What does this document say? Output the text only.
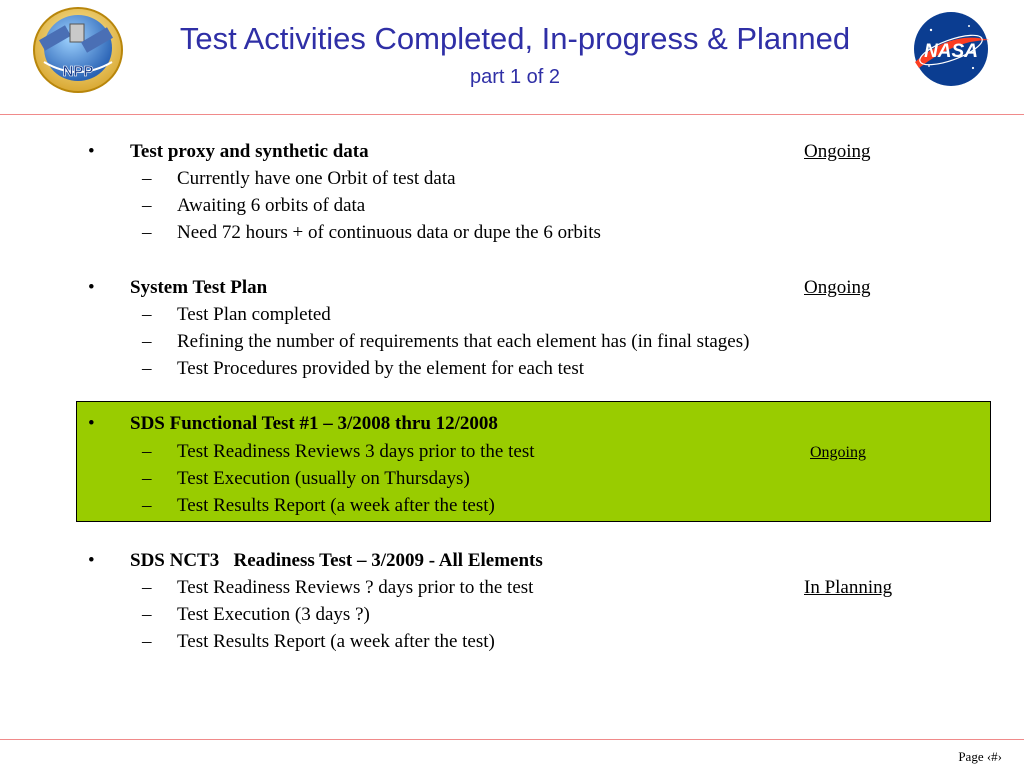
NPP
Test Activities Completed, In-progress & Planned
part 1 of 2
NASA
• Test proxy and synthetic data	Ongoing
– Currently have one Orbit of test data
– Awaiting 6 orbits of data
– Need 72 hours + of continuous data or dupe the 6 orbits
• System Test Plan	Ongoing
– Test Plan completed
– Refining the number of requirements that each element has (in final stages)
– Test Procedures provided by the element for each test
• SDS Functional Test #1 – 3/2008 thru 12/2008
– Test Readiness Reviews 3 days prior to the test	Ongoing
– Test Execution (usually on Thursdays)
– Test Results Report (a week after the test)
• SDS NCT3   Readiness Test – 3/2009 - All Elements
– Test Readiness Reviews ? days prior to the test	In Planning
– Test Execution (3 days ?)
– Test Results Report (a week after the test)
Page ‹#›
